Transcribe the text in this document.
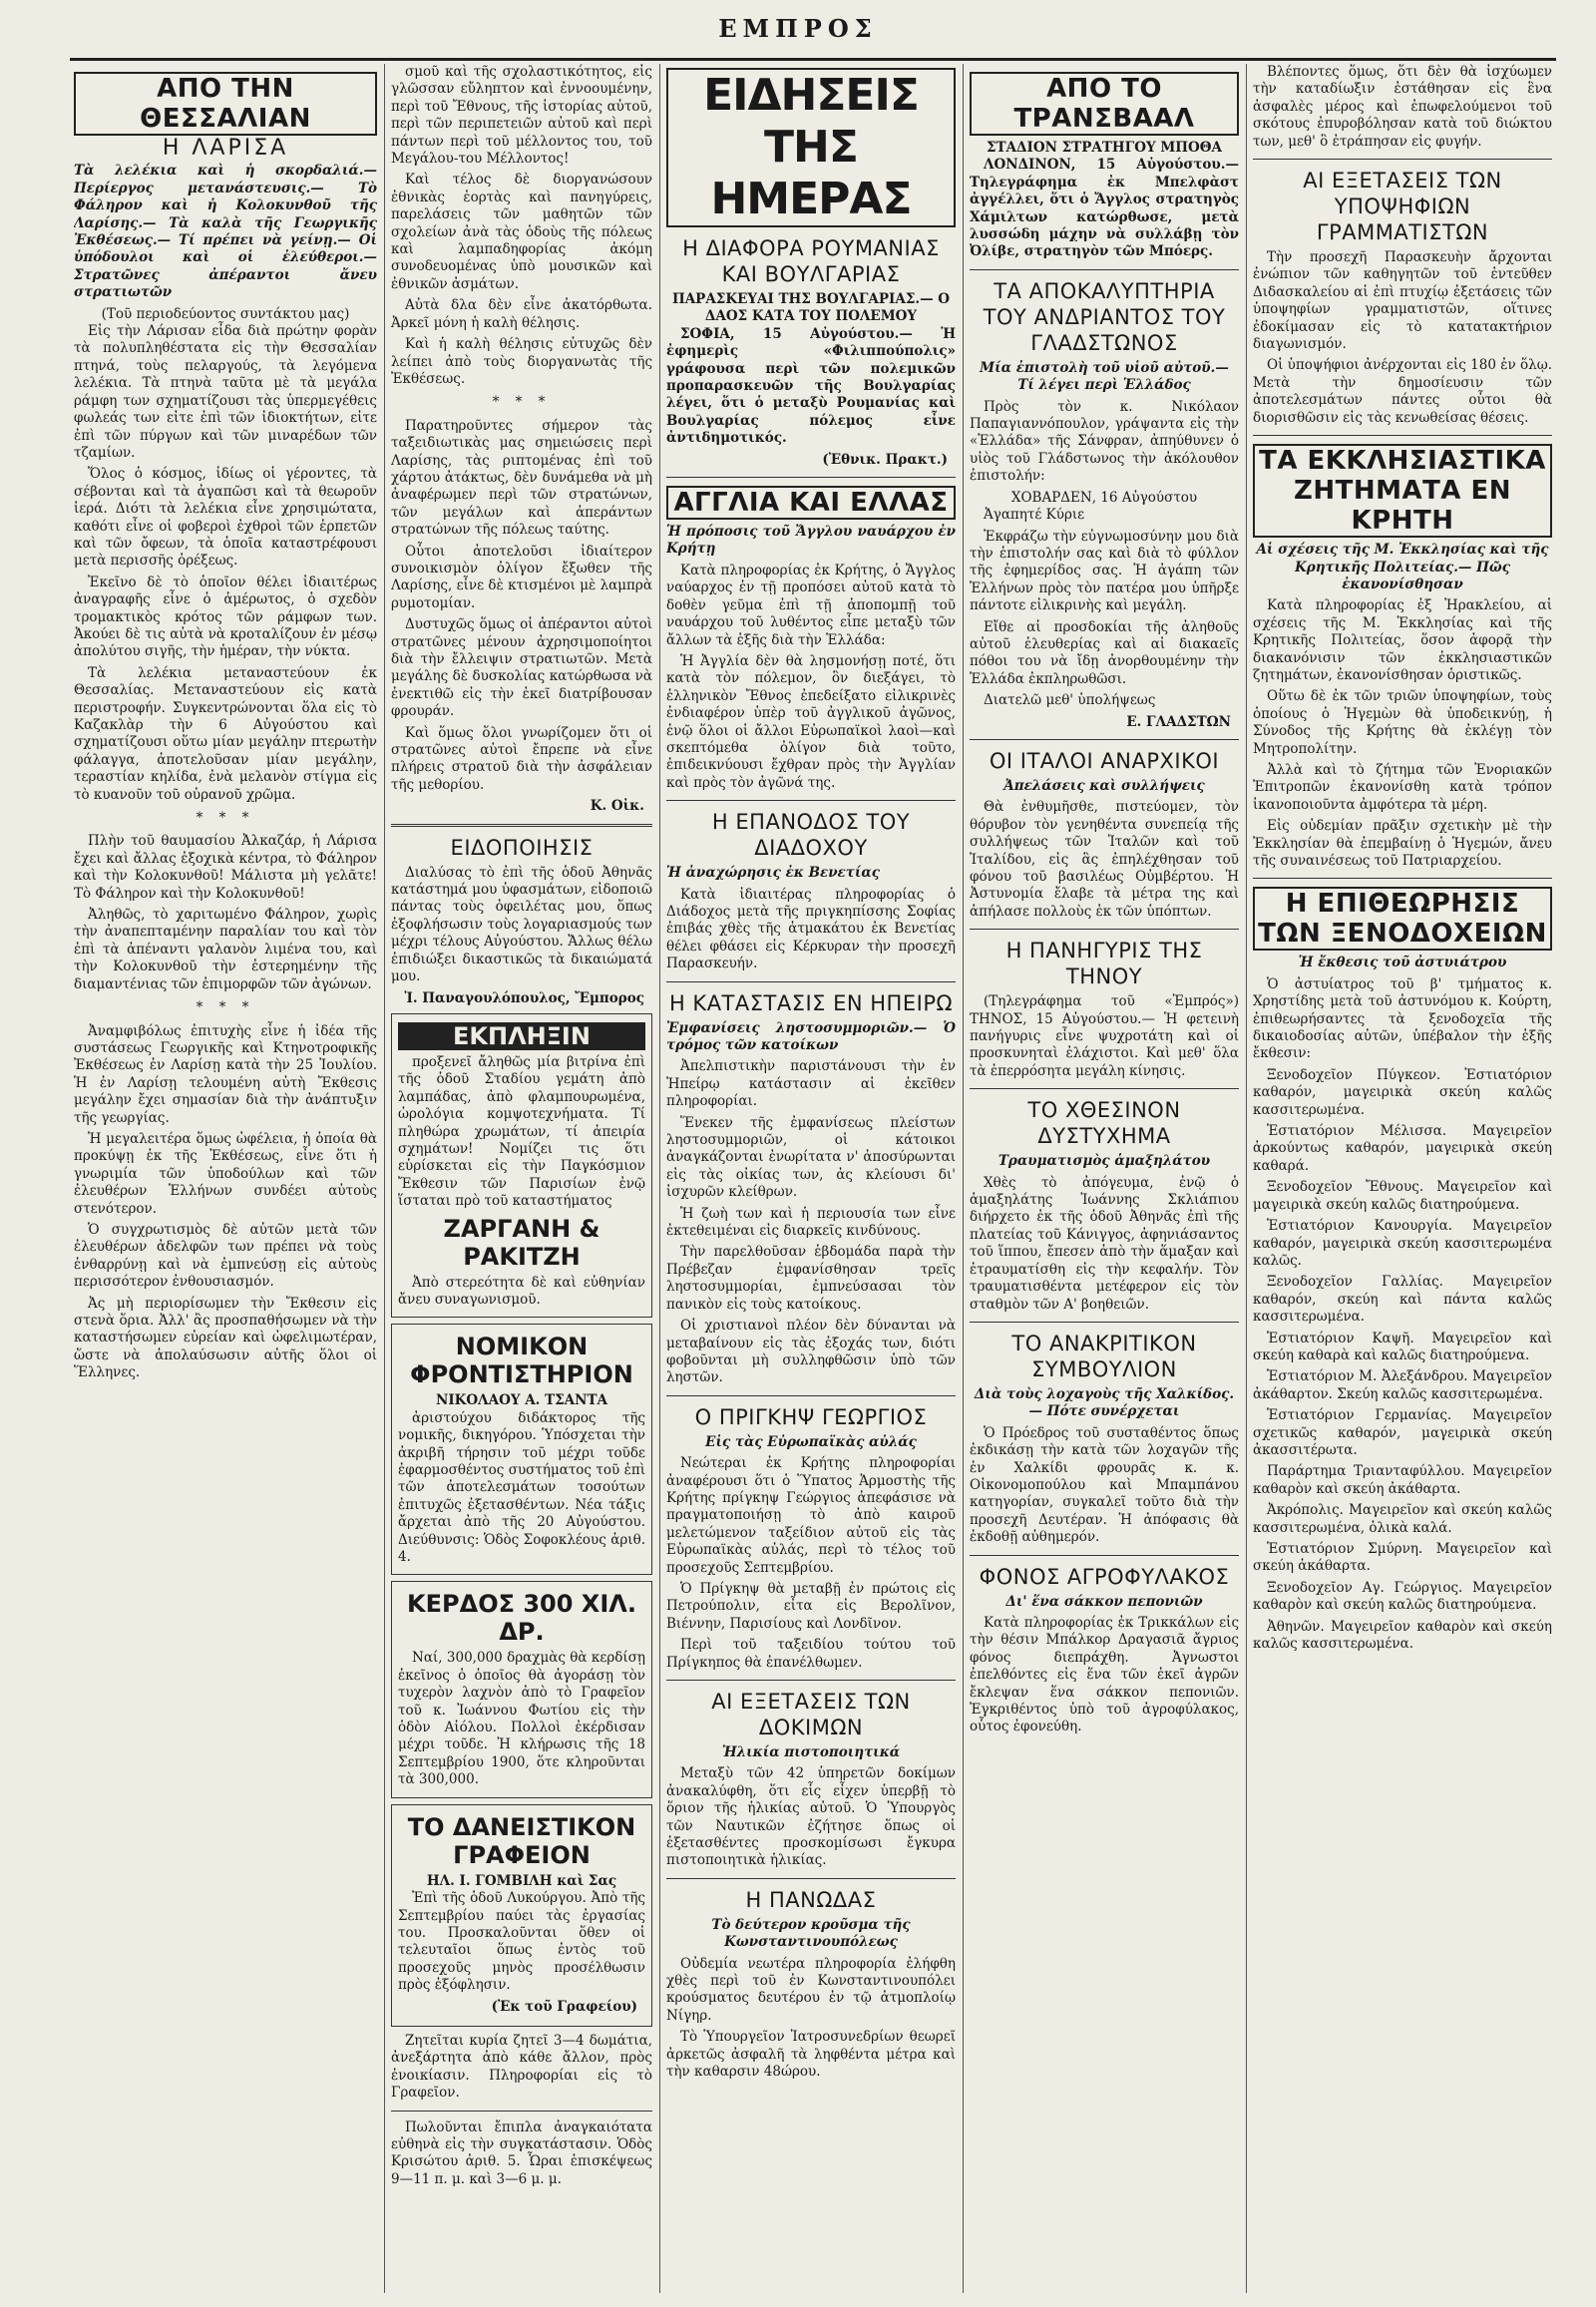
ΕΜΠΡΟΣ
ΑΠΟ ΤΗΝ ΘΕΣΣΑΛΙΑΝ
Η ΛΑΡΙΣΑ
Τὰ λελέκια καὶ ἡ σκορδαλιά.— Περίεργος μετανάστευσις.— Τὸ Φάληρον καὶ ἡ Κολοκυνθοῦ τῆς Λαρίσης.— Τὰ καλὰ τῆς Γεωργικῆς Ἐκθέσεως.— Τί πρέπει νὰ γείνῃ.— Οἱ ὑπόδουλοι καὶ οἱ ἐλεύθεροι.— Στρατῶνες ἀπέραντοι ἄνευ στρατιωτῶν
(Τοῦ περιοδεύοντος συντάκτου μας)

Εἰς τὴν Λάρισαν εἶδα διὰ πρώτην φορὰν τὰ πολυπληθέστατα εἰς τὴν Θεσσαλίαν πτηνά, τοὺς πελαργούς, τὰ λεγόμενα λελέκια. Τὰ πτηνὰ ταῦτα μὲ τὰ μεγάλα ράμφη των σχηματίζουσι τὰς ὑπερμεγέθεις φωλεάς των εἰτε ἐπὶ τῶν ἰδιοκτήτων, εἰτε ἐπὶ τῶν πύργων καὶ τῶν μιναρέδων τῶν τζαμίων.

Ὅλος ὁ κόσμος, ἰδίως οἱ γέροντες, τὰ σέβονται καὶ τὰ ἀγαπῶσι καὶ τὰ θεωροῦν ἱερά. Διότι τὰ λελέκια εἶνε χρησιμώτατα, καθότι εἶνε οἱ φοβεροὶ ἐχθροὶ τῶν ἑρπετῶν καὶ τῶν ὄφεων, τὰ ὁποῖα καταστρέφουσι μετὰ περισσῆς ὀρέξεως.

Ἐκεῖνο δὲ τὸ ὁποῖον θέλει ἰδιαιτέρως ἀναγραφῆς εἶνε ὁ ἀμέρωτος, ὁ σχεδὸν τρομακτικὸς κρότος τῶν ράμφων των. Ἀκούει δὲ τις αὐτὰ νὰ κροταλίζουν ἐν μέσῳ ἀπολύτου σιγῆς, τὴν ἡμέραν, τὴν νύκτα.

Τὰ λελέκια μεταναστεύουν ἐκ Θεσσαλίας. Μεταναστεύουν εἰς κατὰ περιστροφήν. Συγκεντρώνονται ὅλα εἰς τὸ Καζακλὰρ τὴν 6 Αὐγούστου καὶ σχηματίζουσι οὕτω μίαν μεγάλην πτερωτὴν φάλαγγα, ἀποτελοῦσαν μίαν μεγάλην, τεραστίαν κηλίδα, ἐνὰ μελανὸν στίγμα εἰς τὸ κυανοῦν τοῦ οὐρανοῦ χρῶμα.

* * *

Πλὴν τοῦ θαυμασίου Ἀλκαζάρ, ἡ Λάρισα ἔχει καὶ ἄλλας ἐξοχικὰ κέντρα, τὸ Φάληρον καὶ τὴν Κολοκυνθοῦ! Μάλιστα μὴ γελᾶτε! Τὸ Φάληρον καὶ τὴν Κολοκυνθοῦ!

Ἀληθῶς, τὸ χαριτωμένο Φάληρον, χωρὶς τὴν ἀναπεπταμένην παραλίαν του καὶ τὸν ἐπὶ τὰ ἀπέναντι γαλανὸν λιμένα του, καὶ τὴν Κολοκυνθοῦ τὴν ἐστερημένην τῆς διαμαντένιας τῶν ἐπιμορφῶν τῶν ἀγώνων.

* * *

Ἀναμφιβόλως ἐπιτυχὴς εἶνε ἡ ἰδέα τῆς συστάσεως Γεωργικῆς καὶ Κτηνοτροφικῆς Ἐκθέσεως ἐν Λαρίσῃ κατὰ τὴν 25 Ἰουλίου. Ἡ ἐν Λαρίσῃ τελουμένη αὐτὴ Ἔκθεσις μεγάλην ἔχει σημασίαν διὰ τὴν ἀνάπτυξιν τῆς γεωργίας.

Ἡ μεγαλειτέρα ὅμως ὠφέλεια, ἡ ὁποία θὰ προκύψῃ ἐκ τῆς Ἐκθέσεως, εἶνε ὅτι ἡ γνωριμία τῶν ὑποδούλων καὶ τῶν ἐλευθέρων Ἑλλήνων συνδέει αὐτοὺς στενότερον.

Ὁ συγχρωτισμὸς δὲ αὐτῶν μετὰ τῶν ἐλευθέρων ἀδελφῶν των πρέπει νὰ τοὺς ἐνθαρρύνῃ καὶ νὰ ἐμπνεύσῃ εἰς αὐτοὺς περισσότερον ἐνθουσιασμόν.

Ἀς μὴ περιορίσωμεν τὴν Ἔκθεσιν εἰς στενὰ ὅρια. Ἀλλ' ἂς προσπαθήσωμεν νὰ τὴν καταστήσωμεν εὐρείαν καὶ ὠφελιμωτέραν, ὥστε νὰ ἀπολαύσωσιν αὐτῆς ὅλοι οἱ Ἕλληνες.

σμοῦ καὶ τῆς σχολαστικότητος, εἰς γλῶσσαν εὔληπτον καὶ ἐννοουμένην, περὶ τοῦ Ἔθνους, τῆς ἱστορίας αὐτοῦ, περὶ τῶν περιπετειῶν αὐτοῦ καὶ περὶ πάντων περὶ τοῦ μέλλοντος του, τοῦ Μεγάλου-του Μέλλοντος!

Καὶ τέλος δὲ διοργανώσουν ἐθνικὰς ἑορτὰς καὶ πανηγύρεις, παρελάσεις τῶν μαθητῶν τῶν σχολείων ἀνὰ τὰς ὁδοὺς τῆς πόλεως καὶ λαμπαδηφορίας ἀκόμη συνοδευομένας ὑπὸ μουσικῶν καὶ ἐθνικῶν ἀσμάτων.

Αὐτὰ δλα δὲν εἶνε ἀκατόρθωτα. Ἀρκεῖ μόνη ἡ καλὴ θέλησις.

Καὶ ἡ καλὴ θέλησις εὐτυχῶς δὲν λείπει ἀπὸ τοὺς διοργανωτὰς τῆς Ἐκθέσεως.

* * *

Παρατηροῦντες σήμερον τὰς ταξειδιωτικὰς μας σημειώσεις περὶ Λαρίσης, τὰς ριπτομένας ἐπὶ τοῦ χάρτου ἀτάκτως, δὲν δυνάμεθα νὰ μὴ ἀναφέρωμεν περὶ τῶν στρατώνων, τῶν μεγάλων καὶ ἀπεράντων στρατώνων τῆς πόλεως ταύτης.

Οὗτοι ἀποτελοῦσι ἰδιαίτερον συνοικισμὸν ὀλίγον ἔξωθεν τῆς Λαρίσης, εἶνε δὲ κτισμένοι μὲ λαμπρὰ ρυμοτομίαν.

Δυστυχῶς ὅμως οἱ ἀπέραντοι αὐτοὶ στρατῶνες μένουν ἀχρησιμοποίητοι διὰ τὴν ἔλλειψιν στρατιωτῶν. Μετὰ μεγάλης δὲ δυσκολίας κατώρθωσα νὰ ἐνεκτιθῶ εἰς τὴν ἐκεῖ διατρίβουσαν φρουράν.

Καὶ ὅμως ὅλοι γνωρίζομεν ὅτι οἱ στρατῶνες αὐτοὶ ἔπρεπε νὰ εἶνε πλήρεις στρατοῦ διὰ τὴν ἀσφάλειαν τῆς μεθορίου.

Κ. Οἰκ.
ΕΙΔΟΠΟΙΗΣΙΣ

Διαλύσας τὸ ἐπὶ τῆς ὁδοῦ Ἀθηνᾶς κατάστημά μου ὑφασμάτων, εἰδοποιῶ πάντας τοὺς ὀφειλέτας μου, ὅπως ἐξοφλήσωσιν τοὺς λογαριασμούς των μέχρι τέλους Αὐγούστου. Ἄλλως θέλω ἐπιδιώξει δικαστικῶς τὰ δικαιώματά μου.

Ἰ. Παναγουλόπουλος, Ἔμπορος
ΕΚΠΛΗΞΙΝ

προξενεῖ ἄληθῶς μία βιτρίνα ἐπὶ τῆς ὁδοῦ Σταδίου γεμάτη ἀπὸ λαμπάδας, ἀπὸ φλαμπουρωμένα, ὡρολόγια κομψοτεχνήματα. Τί πληθώρα χρωμάτων, τί ἀπειρία σχημάτων! Νομίζει τις ὅτι εὑρίσκεται εἰς τὴν Παγκόσμιον Ἔκθεσιν τῶν Παρισίων ἐνῷ ἵσταται πρὸ τοῦ καταστήματος

ΖΑΡΓΑΝΗ & ΡΑΚΙΤΖΗ

Ἀπὸ στερεότητα δὲ καὶ εὐθηνίαν ἄνευ συναγωνισμοῦ.

ΝΟΜΙΚΟΝ ΦΡΟΝΤΙΣΤΗΡΙΟΝ
ΝΙΚΟΛΑΟΥ Α. ΤΣΑΝΤΑ

ἀριστούχου διδάκτορος τῆς νομικῆς, δικηγόρου. Ὑπόσχεται τὴν ἀκριβῆ τήρησιν τοῦ μέχρι τοῦδε ἐφαρμοσθέντος συστήματος τοῦ ἐπὶ τῶν ἀποτελεσμάτων τοσούτων ἐπιτυχῶς ἐξετασθέντων. Νέα τάξις ἄρχεται ἀπὸ τῆς 20 Αὐγούστου. Διεύθυνσις: Ὁδὸς Σοφοκλέους ἀριθ. 4.

ΚΕΡΔΟΣ 300 ΧΙΛ. ΔΡ.

Ναί, 300,000 δραχμὰς θὰ κερδίσῃ ἐκεῖνος ὁ ὁποῖος θὰ ἀγοράσῃ τὸν τυχερὸν λαχνὸν ἀπὸ τὸ Γραφεῖον τοῦ κ. Ἰωάννου Φωτίου εἰς τὴν ὁδὸν Αἰόλου. Πολλοὶ ἐκέρδισαν μέχρι τοῦδε. Ἡ κλήρωσις τῆς 18 Σεπτεμβρίου 1900, ὅτε κληροῦνται τὰ 300,000.

ΤΟ ΔΑΝΕΙΣΤΙΚΟΝ ΓΡΑΦΕΙΟΝ
ΗΛ. Ι. ΓΟΜΒΙΛΗ καὶ Σας

Ἐπὶ τῆς ὁδοῦ Λυκούργου. Ἀπὸ τῆς Σεπτεμβρίου παύει τὰς ἐργασίας του. Προσκαλοῦνται ὅθεν οἱ τελευταῖοι ὅπως ἐντὸς τοῦ προσεχοῦς μηνὸς προσέλθωσιν πρὸς ἐξόφλησιν.

(Ἐκ τοῦ Γραφείου)

Ζητεῖται κυρία ζητεῖ 3—4 δωμάτια, ἀνεξάρτητα ἀπὸ κάθε ἄλλον, πρὸς ἐνοικίασιν. Πληροφορίαι εἰς τὸ Γραφεῖον.

Πωλοῦνται ἔπιπλα ἀναγκαιότατα εὐθηνὰ εἰς τὴν συγκατάστασιν. Ὁδὸς Κρισώτου ἀριθ. 5. Ὧραι ἐπισκέψεως 9—11 π. μ. καὶ 3—6 μ. μ.

ΕΙΔΗΣΕΙΣ ΤΗΣ ΗΜΕΡΑΣ
Η ΔΙΑΦΟΡΑ ΡΟΥΜΑΝΙΑΣ ΚΑΙ ΒΟΥΛΓΑΡΙΑΣ
ΠΑΡΑΣΚΕΥΑΙ ΤΗΣ ΒΟΥΛΓΑΡΙΑΣ.— Ο ΔΑΟΣ ΚΑΤΑ ΤΟΥ ΠΟΛΕΜΟΥ

ΣΟΦΙΑ, 15 Αὐγούστου.— Ἡ ἐφημερὶς «Φιλιππούπολις» γράφουσα περὶ τῶν πολεμικῶν προπαρασκευῶν τῆς Βουλγαρίας λέγει, ὅτι ὁ μεταξὺ Ρουμανίας καὶ Βουλγαρίας πόλεμος εἶνε ἀντιδημοτικός.

(Ἐθνικ. Πρακτ.)
ΑΓΓΛΙΑ ΚΑΙ ΕΛΛΑΣ
Ἡ πρόποσις τοῦ Ἄγγλου ναυάρχου ἐν Κρήτῃ

Κατὰ πληροφορίας ἐκ Κρήτης, ὁ Ἄγγλος ναύαρχος ἐν τῇ προπόσει αὐτοῦ κατὰ τὸ δοθὲν γεῦμα ἐπὶ τῇ ἀποπομπῇ τοῦ ναυάρχου τοῦ λυθέντος εἶπε μεταξὺ τῶν ἄλλων τὰ ἑξῆς διὰ τὴν Ἑλλάδα:

Ἡ Ἀγγλία δὲν θὰ λησμονήσῃ ποτέ, ὅτι κατὰ τὸν πόλεμον, ὃν διεξάγει, τὸ ἑλληνικὸν Ἔθνος ἐπεδείξατο εἰλικρινὲς ἐνδιαφέρον ὑπὲρ τοῦ ἀγγλικοῦ ἀγῶνος, ἐνῷ ὅλοι οἱ ἄλλοι Εὐρωπαϊκοὶ λαοὶ—καὶ σκεπτόμεθα ὀλίγον διὰ τοῦτο, ἐπιδεικνύουσι ἔχθραν πρὸς τὴν Ἀγγλίαν καὶ πρὸς τὸν ἀγῶνά της.

Η ΕΠΑΝΟΔΟΣ ΤΟΥ ΔΙΑΔΟΧΟΥ
Ἡ ἀναχώρησις ἐκ Βενετίας

Κατὰ ἰδιαιτέρας πληροφορίας ὁ Διάδοχος μετὰ τῆς πριγκηπίσσης Σοφίας ἐπιβάς χθὲς τῆς ἀτμακάτου ἐκ Βενετίας θέλει φθάσει εἰς Κέρκυραν τὴν προσεχῆ Παρασκευήν.

Η ΚΑΤΑΣΤΑΣΙΣ ΕΝ ΗΠΕΙΡΩ
Ἐμφανίσεις ληστοσυμμοριῶν.— Ὁ τρόμος τῶν κατοίκων

Ἀπελπιστικὴν παριστάνουσι τὴν ἐν Ἠπείρῳ κατάστασιν αἱ ἐκεῖθεν πληροφορίαι.

Ἕνεκεν τῆς ἐμφανίσεως πλείστων ληστοσυμμοριῶν, οἱ κάτοικοι ἀναγκάζονται ἐνωρίτατα ν' ἀποσύρωνται εἰς τὰς οἰκίας των, ἀς κλείουσι δι' ἰσχυρῶν κλείθρων.

Ἡ ζωὴ των καὶ ἡ περιουσία των εἶνε ἐκτεθειμέναι εἰς διαρκεῖς κινδύνους.

Τὴν παρελθοῦσαν ἑβδομάδα παρὰ τὴν Πρέβεζαν ἐμφανίσθησαν τρεῖς ληστοσυμμορίαι, ἐμπνεύσασαι τὸν πανικὸν εἰς τοὺς κατοίκους.

Οἱ χριστιανοὶ πλέον δὲν δύνανται νὰ μεταβαίνουν εἰς τὰς ἐξοχάς των, διότι φοβοῦνται μὴ συλληφθῶσιν ὑπὸ τῶν ληστῶν.

Ο ΠΡΙΓΚΗΨ ΓΕΩΡΓΙΟΣ
Εἰς τὰς Εὐρωπαϊκὰς αὐλάς

Νεώτεραι ἐκ Κρήτης πληροφορίαι ἀναφέρουσι ὅτι ὁ Ὕπατος Ἁρμοστὴς τῆς Κρήτης πρίγκηψ Γεώργιος ἀπεφάσισε νὰ πραγματοποιήσῃ τὸ ἀπὸ καιροῦ μελετώμενον ταξείδιον αὐτοῦ εἰς τὰς Εὐρωπαϊκὰς αὐλάς, περὶ τὸ τέλος τοῦ προσεχοῦς Σεπτεμβρίου.

Ὁ Πρίγκηψ θὰ μεταβῇ ἐν πρώτοις εἰς Πετρούπολιν, εἶτα εἰς Βερολῖνον, Βιέννην, Παρισίους καὶ Λονδῖνον.

Περὶ τοῦ ταξειδίου τούτου τοῦ Πρίγκηπος θὰ ἐπανέλθωμεν.

ΑΙ ΕΞΕΤΑΣΕΙΣ ΤΩΝ ΔΟΚΙΜΩΝ
Ἠλικία πιστοποιητικά

Μεταξὺ τῶν 42 ὑπηρετῶν δοκίμων ἀνακαλύφθη, ὅτι εἷς εἶχεν ὑπερβῇ τὸ ὅριον τῆς ἡλικίας αὐτοῦ. Ὁ Ὑπουργὸς τῶν Ναυτικῶν ἐζήτησε ὅπως οἱ ἐξετασθέντες προσκομίσωσι ἔγκυρα πιστοποιητικὰ ἡλικίας.

Η ΠΑΝΩΔΑΣ
Τὸ δεύτερον κροῦσμα τῆς Κωνσταντινουπόλεως

Οὐδεμία νεωτέρα πληροφορία ἐλήφθη χθὲς περὶ τοῦ ἐν Κωνσταντινουπόλει κρούσματος δευτέρου ἐν τῷ ἀτμοπλοίῳ Νίγηρ.

Τὸ Ὑπουργεῖον Ἰατροσυνεδρίων θεωρεῖ ἀρκετῶς ἀσφαλῆ τὰ ληφθέντα μέτρα καὶ τὴν καθαρσιν 48ώρου.

ΑΠΟ ΤΟ ΤΡΑΝΣΒΑΑΛ
ΣΤΑΔΙΟΝ ΣΤΡΑΤΗΓΟΥ ΜΠΟΘΑ

ΛΟΝΔΙΝΟΝ, 15 Αὐγούστου.— Τηλεγράφημα ἐκ Μπελφὰστ ἀγγέλλει, ὅτι ὁ Ἄγγλος στρατηγὸς Χάμιλτων κατώρθωσε, μετὰ λυσσώδη μάχην νὰ συλλάβῃ τὸν Ὀλίβε, στρατηγὸν τῶν Μπόερς.

ΤΑ ΑΠΟΚΑΛΥΠΤΗΡΙΑ ΤΟΥ ΑΝΔΡΙΑΝΤΟΣ ΤΟΥ ΓΛΑΔΣΤΩΝΟΣ
Μία ἐπιστολὴ τοῦ υἱοῦ αὐτοῦ.— Τί λέγει περὶ Ἑλλάδος

Πρὸς τὸν κ. Νικόλαον Παπαγιαννόπουλον, γράψαντα εἰς τὴν «Ἑλλάδα» τῆς Σάνφραν, ἀπηύθυνεν ὁ υἱὸς τοῦ Γλάδστωνος τὴν ἀκόλουθον ἐπιστολήν:

ΧΟΒΑΡΔΕΝ, 16 Αὐγούστου

Ἀγαπητέ Κύριε

Ἐκφράζω τὴν εὐγνωμοσύνην μου διὰ τὴν ἐπιστολήν σας καὶ διὰ τὸ φύλλον τῆς ἐφημερίδος σας. Ἡ ἀγάπη τῶν Ἑλλήνων πρὸς τὸν πατέρα μου ὑπῆρξε πάντοτε εἰλικρινὴς καὶ μεγάλη.

Εἴθε αἱ προσδοκίαι τῆς ἀληθοῦς αὐτοῦ ἐλευθερίας καὶ αἱ διακαεῖς πόθοι του νὰ ἴδῃ ἀνορθουμένην τὴν Ἑλλάδα ἐκπληρωθῶσι.

Διατελῶ μεθ' ὑπολήψεως

Ε. ΓΛΑΔΣΤΩΝ
ΟΙ ΙΤΑΛΟΙ ΑΝΑΡΧΙΚΟΙ
Ἀπελάσεις καὶ συλλήψεις

Θὰ ἐνθυμῆσθε, πιστεύομεν, τὸν θόρυβον τὸν γενηθέντα συνεπείᾳ τῆς συλλήψεως τῶν Ἰταλῶν καὶ τοῦ Ἰταλίδου, εἰς ἃς ἐπηλέχθησαν τοῦ φόνου τοῦ βασιλέως Οὐμβέρτου. Ἡ Ἀστυνομία ἔλαβε τὰ μέτρα της καὶ ἀπήλασε πολλοὺς ἐκ τῶν ὑπόπτων.

Η ΠΑΝΗΓΥΡΙΣ ΤΗΣ ΤΗΝΟΥ

(Τηλεγράφημα τοῦ «Ἐμπρός») ΤΗΝΟΣ, 15 Αὐγούστου.— Ἡ φετεινὴ πανήγυρις εἶνε ψυχροτάτη καὶ οἱ προσκυνηταὶ ἐλάχιστοι. Καὶ μεθ' ὅλα τὰ ἐπερρόσητα μεγάλη κίνησις.

ΤΟ ΧΘΕΣΙΝΟΝ ΔΥΣΤΥΧΗΜΑ
Τραυματισμὸς ἁμαξηλάτου

Χθὲς τὸ ἀπόγευμα, ἐνῷ ὁ ἁμαξηλάτης Ἰωάννης Σκλιάπιου διήρχετο ἐκ τῆς ὁδοῦ Ἀθηνᾶς ἐπὶ τῆς πλατείας τοῦ Κάνιγγος, ἀφηνιάσαντος τοῦ ἵππου, ἔπεσεν ἀπὸ τὴν ἅμαξαν καὶ ἐτραυματίσθη εἰς τὴν κεφαλήν. Τὸν τραυματισθέντα μετέφερον εἰς τὸν σταθμὸν τῶν Α' βοηθειῶν.

ΤΟ ΑΝΑΚΡΙΤΙΚΟΝ ΣΥΜΒΟΥΛΙΟΝ
Διὰ τοὺς λοχαγοὺς τῆς Χαλκίδος.— Πότε συνέρχεται

Ὁ Πρόεδρος τοῦ συσταθέντος ὅπως ἐκδικάσῃ τὴν κατὰ τῶν λοχαγῶν τῆς ἐν Χαλκίδι φρουρᾶς κ. κ. Οἰκονομοπούλου καὶ Μπαμπάνου κατηγορίαν, συγκαλεῖ τοῦτο διὰ τὴν προσεχῆ Δευτέραν. Ἡ ἀπόφασις θὰ ἐκδοθῇ αὐθημερόν.

ΦΟΝΟΣ ΑΓΡΟΦΥΛΑΚΟΣ
Δι' ἕνα σάκκον πεπονιῶν

Κατὰ πληροφορίας ἐκ Τρικκάλων εἰς τὴν θέσιν Μπάλκορ Δραγασιᾶ ἄγριος φόνος διεπράχθη. Ἀγνωστοι ἐπελθόντες εἰς ἕνα τῶν ἐκεῖ ἀγρῶν ἔκλεψαν ἕνα σάκκον πεπονιῶν. Ἐγκριθέντος ὑπὸ τοῦ ἀγροφύλακος, οὗτος ἐφονεύθη.

Βλέποντες ὅμως, ὅτι δὲν θὰ ἰσχύωμεν τὴν καταδίωξιν ἐστάθησαν εἰς ἓνα ἀσφαλὲς μέρος καὶ ἐπωφελούμενοι τοῦ σκότους ἐπυροβόλησαν κατὰ τοῦ διώκτου των, μεθ' ὃ ἐτράπησαν εἰς φυγήν.

ΑΙ ΕΞΕΤΑΣΕΙΣ ΤΩΝ ΥΠΟΨΗΦΙΩΝ ΓΡΑΜΜΑΤΙΣΤΩΝ

Τὴν προσεχῆ Παρασκευὴν ἄρχονται ἐνώπιον τῶν καθηγητῶν τοῦ ἐντεῦθεν Διδασκαλείου αἱ ἐπὶ πτυχίῳ ἐξετάσεις τῶν ὑποψηφίων γραμματιστῶν, οἵτινες ἐδοκίμασαν εἰς τὸ κατατακτήριον διαγωνισμόν.

Οἱ ὑποψήφιοι ἀνέρχονται εἰς 180 ἐν ὅλῳ. Μετὰ τὴν δημοσίευσιν τῶν ἀποτελεσμάτων πάντες οὗτοι θὰ διορισθῶσιν εἰς τὰς κενωθείσας θέσεις.

ΤΑ ΕΚΚΛΗΣΙΑΣΤΙΚΑ ΖΗΤΗΜΑΤΑ ΕΝ ΚΡΗΤΗ
Αἱ σχέσεις τῆς Μ. Ἐκκλησίας καὶ τῆς Κρητικῆς Πολιτείας.— Πῶς ἐκανονίσθησαν

Κατὰ πληροφορίας ἐξ Ἡρακλείου, αἱ σχέσεις τῆς Μ. Ἐκκλησίας καὶ τῆς Κρητικῆς Πολιτείας, ὅσον ἀφορᾷ τὴν διακανόνισιν τῶν ἐκκλησιαστικῶν ζητημάτων, ἐκανονίσθησαν ὁριστικῶς.

Οὕτω δὲ ἐκ τῶν τριῶν ὑποψηφίων, τοὺς ὁποίους ὁ Ἡγεμὼν θὰ ὑποδεικνύῃ, ἡ Σύνοδος τῆς Κρήτης θὰ ἐκλέγῃ τὸν Μητροπολίτην.

Ἀλλὰ καὶ τὸ ζήτημα τῶν Ἐνοριακῶν Ἐπιτροπῶν ἐκανονίσθη κατὰ τρόπον ἱκανοποιοῦντα ἀμφότερα τὰ μέρη.

Εἰς οὐδεμίαν πρᾶξιν σχετικὴν μὲ τὴν Ἐκκλησίαν θὰ ἐπεμβαίνῃ ὁ Ἡγεμών, ἄνευ τῆς συναινέσεως τοῦ Πατριαρχείου.

Η ΕΠΙΘΕΩΡΗΣΙΣ ΤΩΝ ΞΕΝΟΔΟΧΕΙΩΝ
Ἡ ἔκθεσις τοῦ ἀστυιάτρου

Ὁ ἀστυίατρος τοῦ β' τμήματος κ. Χρηστίδης μετὰ τοῦ ἀστυνόμου κ. Κούρτη, ἐπιθεωρήσαντες τὰ ξενοδοχεῖα τῆς δικαιοδοσίας αὐτῶν, ὑπέβαλον τὴν ἑξῆς ἔκθεσιν:

Ξενοδοχεῖον Πύγκεον. Ἑστιατόριον καθαρόν, μαγειρικὰ σκεύη καλῶς κασσιτερωμένα.

Ἑστιατόριον Μέλισσα. Μαγειρεῖον ἀρκούντως καθαρόν, μαγειρικὰ σκεύη καθαρά.

Ξενοδοχεῖον Ἔθνους. Μαγειρεῖον καὶ μαγειρικὰ σκεύη καλῶς διατηρούμενα.

Ἑστιατόριον Κανουργία. Μαγειρεῖον καθαρόν, μαγειρικὰ σκεύη κασσιτερωμένα καλῶς.

Ξενοδοχεῖον Γαλλίας. Μαγειρεῖον καθαρόν, σκεύη καὶ πάντα καλῶς κασσιτερωμένα.

Ἑστιατόριον Καψῆ. Μαγειρεῖον καὶ σκεύη καθαρὰ καὶ καλῶς διατηρούμενα.

Ἑστιατόριον Μ. Ἀλεξάνδρου. Μαγειρεῖον ἀκάθαρτον. Σκεύη καλῶς κασσιτερωμένα.

Ἑστιατόριον Γερμανίας. Μαγειρεῖον σχετικῶς καθαρόν, μαγειρικὰ σκεύη ἀκασσιτέρωτα.

Παράρτημα Τριανταφύλλου. Μαγειρεῖον καθαρὸν καὶ σκεύη ἀκάθαρτα.

Ἀκρόπολις. Μαγειρεῖον καὶ σκεύη καλῶς κασσιτερωμένα, ὁλικὰ καλά.

Ἑστιατόριον Σμύρνη. Μαγειρεῖον καὶ σκεύη ἀκάθαρτα.

Ξενοδοχεῖον Αγ. Γεώργιος. Μαγειρεῖον καθαρὸν καὶ σκεύη καλῶς διατηρούμενα.

Ἀθηνῶν. Μαγειρεῖον καθαρὸν καὶ σκεύη καλῶς κασσιτερωμένα.
